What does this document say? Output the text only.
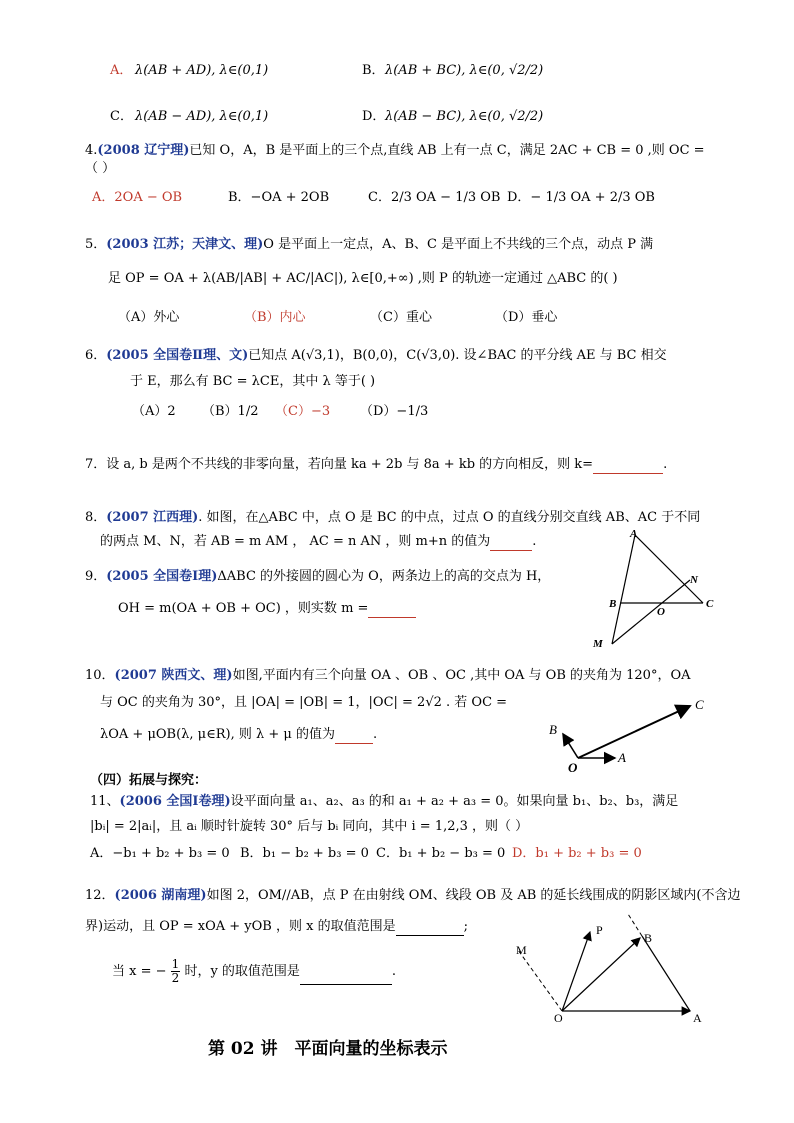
A． λ(AB + AD), λ∈(0,1)	B． λ(AB + BC), λ∈(0, √2/2)
C． λ(AB − AD), λ∈(0,1)	D． λ(AB − BC), λ∈(0, √2/2)
4.(2008 辽宁理)已知 O，A，B 是平面上的三个点,直线 AB 上有一点 C，满足 2AC + CB = 0 ,则 OC =
（ ）
A．2OA − OB	B．−OA + 2OB	C．2/3 OA − 1/3 OB D．− 1/3 OA + 2/3 OB
5．(2003 江苏；天津文、理)O 是平面上一定点，A、B、C 是平面上不共线的三个点，动点 P 满
足 OP = OA + λ(AB/|AB| + AC/|AC|), λ∈[0,+∞) ,则 P 的轨迹一定通过 △ABC 的( )
（A）外心	（B）内心	（C）重心	（D）垂心
6．(2005 全国卷Ⅱ理、文)已知点 A(√3,1)，B(0,0)，C(√3,0). 设∠BAC 的平分线 AE 与 BC 相交
于 E，那么有 BC = λCE，其中 λ 等于( )
（A）2 （B）1/2 （C）−3 （D）−1/3
7．设 a, b 是两个不共线的非零向量，若向量 ka + 2b 与 8a + kb 的方向相反，则 k=	.
8．(2007 江西理). 如图，在△ABC 中，点 O 是 BC 的中点，过点 O 的直线分别交直线 AB、AC 于不同
的两点 M、N，若 AB = m AM ， AC = n AN ，则 m+n 的值为	.	A
B	C
O
M
N
9．(2005 全国卷Ⅰ理)ΔABC 的外接圆的圆心为 O，两条边上的高的交点为 H，
OH = m(OA + OB + OC) ，则实数 m =
10．(2007 陕西文、理)如图,平面内有三个向量 OA 、OB 、OC ,其中 OA 与 OB 的夹角为 120°，OA
与 OC 的夹角为 30°，且 |OA| = |OB| = 1，|OC| = 2√2 . 若 OC =
λOA + μOB(λ, μ∈R), 则 λ + μ 的值为	.
O
A
B
C
（四）拓展与探究：
11、(2006 全国Ⅰ卷理)设平面向量 a₁、a₂、a₃ 的和 a₁ + a₂ + a₃ = 0。如果向量 b₁、b₂、b₃，满足
|bᵢ| = 2|aᵢ|，且 aᵢ 顺时针旋转 30° 后与 bᵢ 同向，其中 i = 1,2,3 ，则（ ）
A．−b₁ + b₂ + b₃ = 0 B．b₁ − b₂ + b₃ = 0 C．b₁ + b₂ − b₃ = 0 D．b₁ + b₂ + b₃ = 0
12．(2006 湖南理)如图 2，OM//AB，点 P 在由射线 OM、线段 OB 及 AB 的延长线围成的阴影区域内(不含边
界)运动，且 OP = xOA + yOB ，则 x 的取值范围是	;
当 x = − $\frac{1}{2}$ 时，y 的取值范围是	.
M
P
B
O	A
第 02 讲　平面向量的坐标表示
